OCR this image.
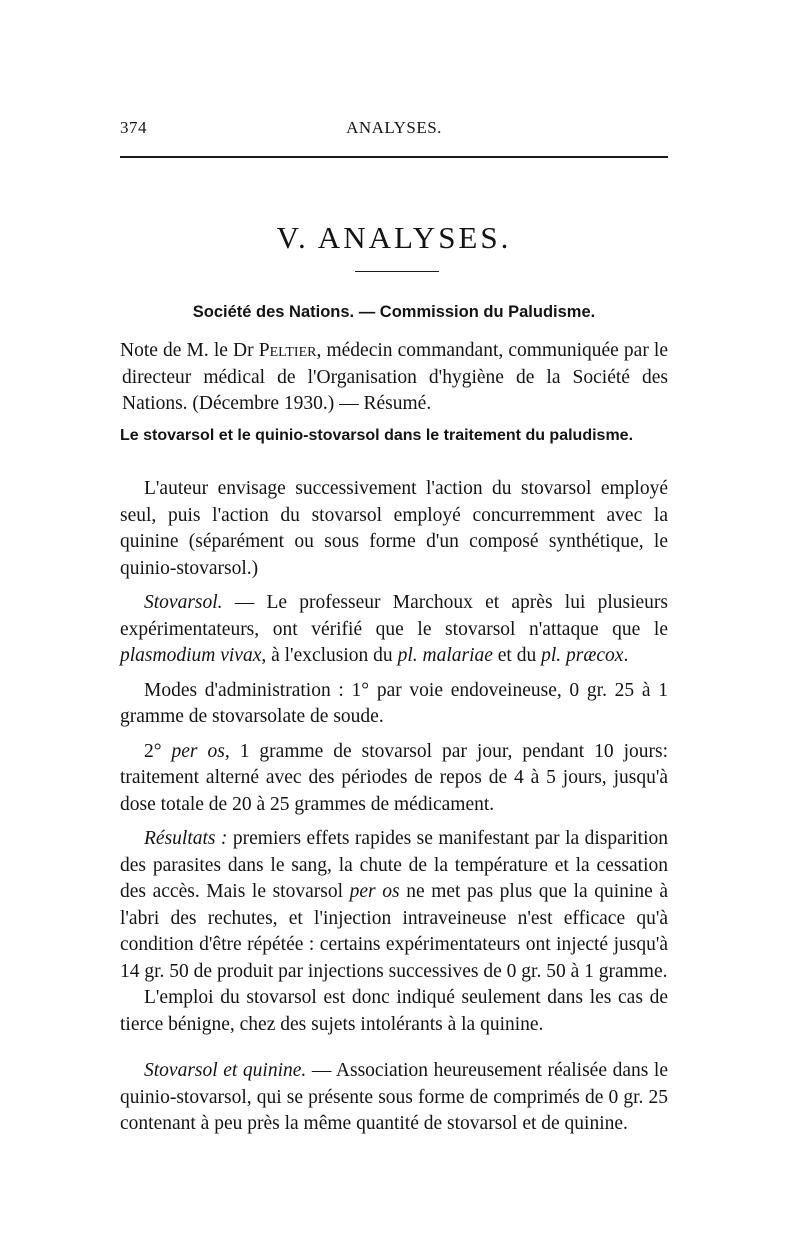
374	ANALYSES.
V. ANALYSES.
Société des Nations. — Commission du Paludisme.

Note de M. le Dr Peltier, médecin commandant, communiquée par le directeur médical de l'Organisation d'hygiène de la Société des Nations. (Décembre 1930.) — Résumé.

Le stovarsol et le quinio-stovarsol dans le traitement du paludisme.

L'auteur envisage successivement l'action du stovarsol employé seul, puis l'action du stovarsol employé concurremment avec la quinine (séparément ou sous forme d'un composé synthétique, le quinio-stovarsol.)

Stovarsol. — Le professeur Marchoux et après lui plusieurs expérimentateurs, ont vérifié que le stovarsol n'attaque que le plasmodium vivax, à l'exclusion du pl. malariae et du pl. præcox.

Modes d'administration : 1° par voie endoveineuse, 0 gr. 25 à 1 gramme de stovarsolate de soude.

2° per os, 1 gramme de stovarsol par jour, pendant 10 jours: traitement alterné avec des périodes de repos de 4 à 5 jours, jusqu'à dose totale de 20 à 25 grammes de médicament.

Résultats : premiers effets rapides se manifestant par la disparition des parasites dans le sang, la chute de la température et la cessation des accès. Mais le stovarsol per os ne met pas plus que la quinine à l'abri des rechutes, et l'injection intraveineuse n'est efficace qu'à condition d'être répétée : certains expérimentateurs ont injecté jusqu'à 14 gr. 50 de produit par injections successives de 0 gr. 50 à 1 gramme.

L'emploi du stovarsol est donc indiqué seulement dans les cas de tierce bénigne, chez des sujets intolérants à la quinine.

Stovarsol et quinine. — Association heureusement réalisée dans le quinio-stovarsol, qui se présente sous forme de comprimés de 0 gr. 25 contenant à peu près la même quantité de stovarsol et de quinine.
